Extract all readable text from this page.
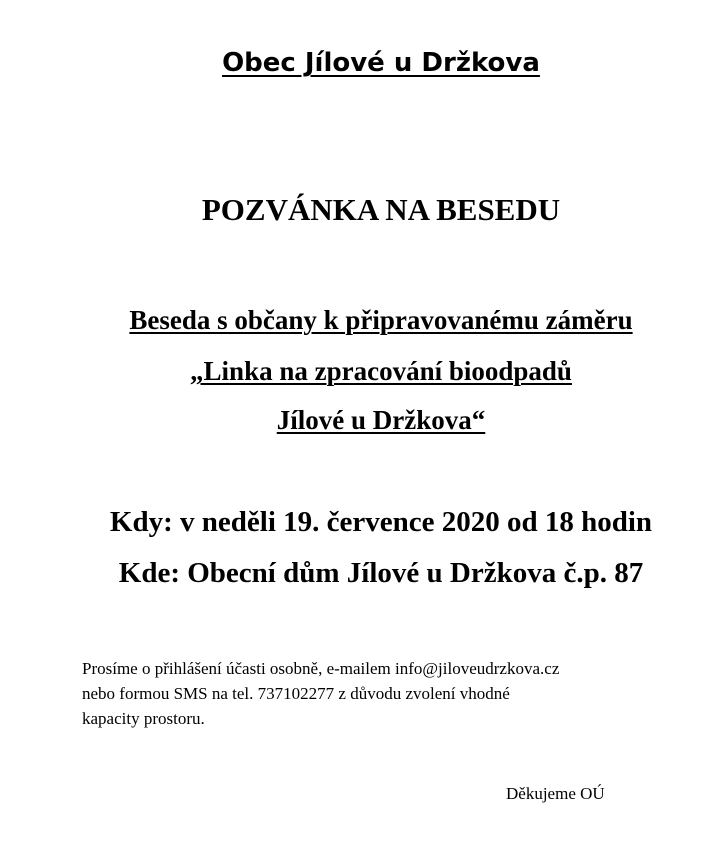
Obec Jílové u Držkova
POZVÁNKA NA BESEDU
Beseda s občany k připravovanému záměru
„Linka na zpracování bioodpadů
Jílové u Držkova“
Kdy: v neděli 19. července 2020 od 18 hodin
Kde: Obecní dům Jílové u Držkova č.p. 87
Prosíme o přihlášení účasti osobně, e-mailem info@jiloveudrzkova.cz
nebo formou SMS na tel. 737102277 z důvodu zvolení vhodné
kapacity prostoru.
Děkujeme OÚ
